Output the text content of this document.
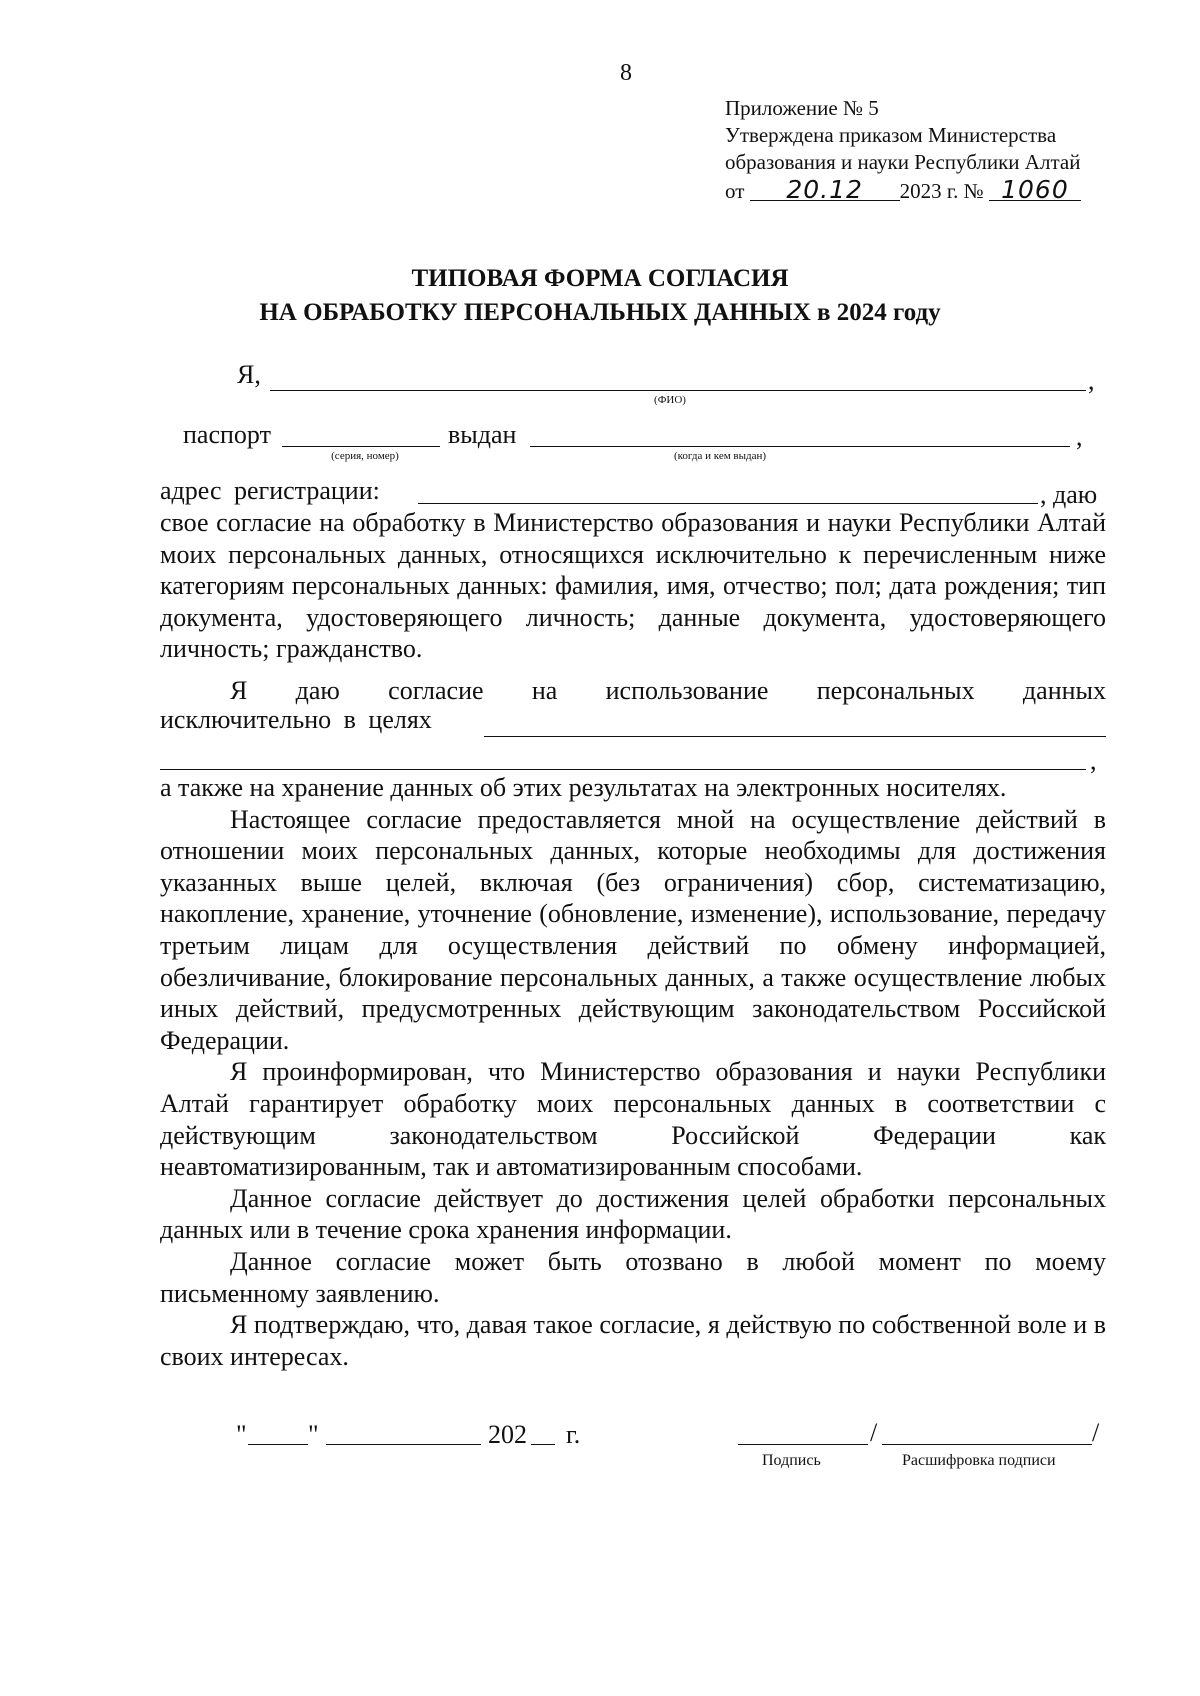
8
Приложение № 5
Утверждена приказом Министерства
образования и науки Республики Алтай
от 20.12 2023 г. № 1060
ТИПОВАЯ ФОРМА СОГЛАСИЯ
НА ОБРАБОТКУ ПЕРСОНАЛЬНЫХ ДАННЫХ в 2024 году
Я,	,
(ФИО)
паспорт
(серия, номер)
выдан	,
(когда и кем выдан)
адрес регистрации:	, даю

свое согласие на обработку в Министерство образования и науки Республики Алтай моих персональных данных, относящихся исключительно к перечисленным ниже категориям персональных данных: фамилия, имя, отчество; пол; дата рождения; тип документа, удостоверяющего личность; данные документа, удостоверяющего личность; гражданство.

Я даю согласие на использование персональных данных
исключительно в целях
,

а также на хранение данных об этих результатах на электронных носителях.

Настоящее согласие предоставляется мной на осуществление действий в отношении моих персональных данных, которые необходимы для достижения указанных выше целей, включая (без ограничения) сбор, систематизацию, накопление, хранение, уточнение (обновление, изменение), использование, передачу третьим лицам для осуществления действий по обмену информацией, обезличивание, блокирование персональных данных, а также осуществление любых иных действий, предусмотренных действующим законодательством Российской Федерации.

Я проинформирован, что Министерство образования и науки Республики Алтай гарантирует обработку моих персональных данных в соответствии с действующим законодательством Российской Федерации как неавтоматизированным, так и автоматизированным способами.

Данное согласие действует до достижения целей обработки персональных данных или в течение срока хранения информации.

Данное согласие может быть отозвано в любой момент по моему письменному заявлению.

Я подтверждаю, что, давая такое согласие, я действую по собственной воле и в своих интересах.

" "	202 г.	/	/
Подпись	Расшифровка подписи
